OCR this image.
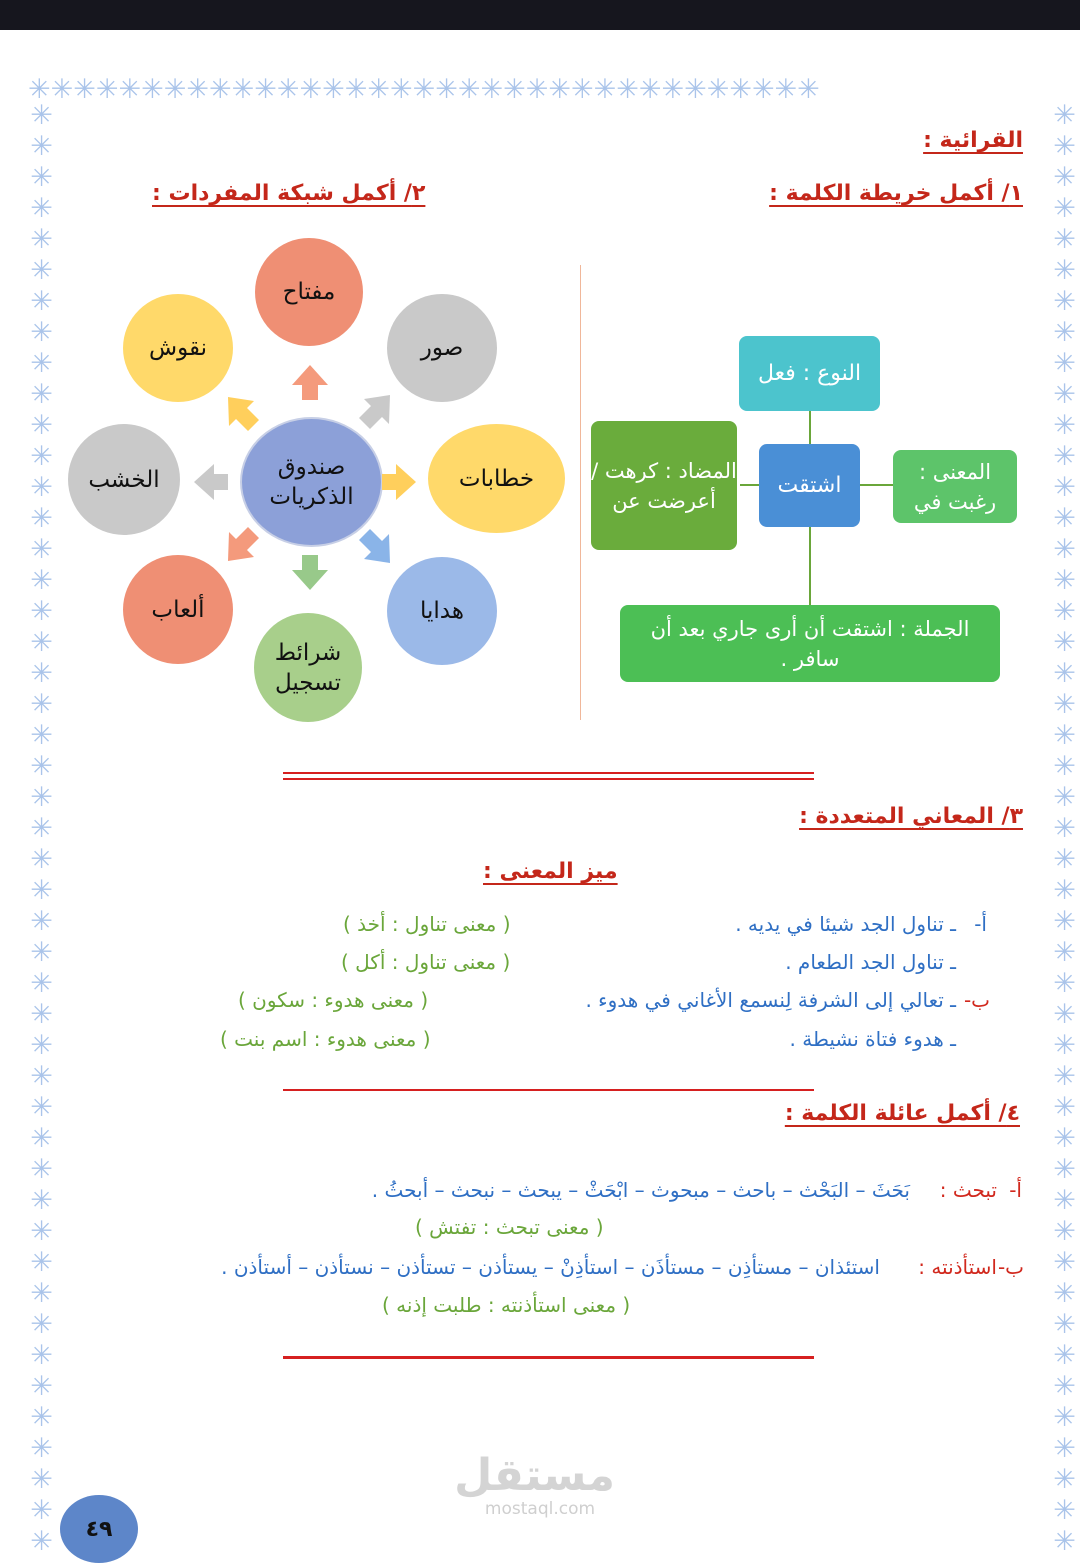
✳✳✳✳✳✳✳✳✳✳✳✳✳✳✳✳✳✳✳✳✳✳✳✳✳✳✳✳✳✳✳✳✳✳✳
✳✳✳✳✳✳✳✳✳✳✳✳✳✳✳✳✳✳✳✳✳✳✳✳✳✳✳✳✳✳✳✳✳✳✳✳✳✳✳✳✳✳✳✳✳✳✳
✳✳✳✳✳✳✳✳✳✳✳✳✳✳✳✳✳✳✳✳✳✳✳✳✳✳✳✳✳✳✳✳✳✳✳✳✳✳✳✳✳✳✳✳✳✳✳
القرائية :
١/ أكمل خريطة الكلمة :
٢/ أكمل شبكة المفردات :
النوع : فعل
اشتقت
المعنى : رغبت في
المضاد : كرهت / أعرضت عن
الجملة : اشتقت أن أرى جاري بعد أن سافر .
صندوق الذكريات
مفتاح
صور
خطابات
هدايا
شرائط تسجيل
ألعاب
الخشب
نقوش
٣/ المعاني المتعددة :
ميز المعنى :
أ-
ـ تناول الجد شيئا في يديه .
( معنى تناول : أخذ )
ـ تناول الجد الطعام .
( معنى تناول : أكل )
ب-
ـ تعالي إلى الشرفة لِنسمع الأغاني في هدوء .
( معنى هدوء : سكون )
ـ هدوء فتاة نشيطة .
( معنى هدوء : اسم بنت )
٤/ أكمل عائلة الكلمة :
أ-
تبحث :
بَحَثَ – البَحْث – باحث – مبحوث – ابْحَثْ – يبحث – نبحث – أبحثُ .
( معنى تبحث : تفتش )
ب-
استأذنته :
استئذان – مستأذِن – مستأذَن – استأذِنْ – يستأذن – تستأذن – نستأذن – أستأذن .
( معنى استأذنته : طلبت إذنه )
مستقل
mostaql.com
٤٩
